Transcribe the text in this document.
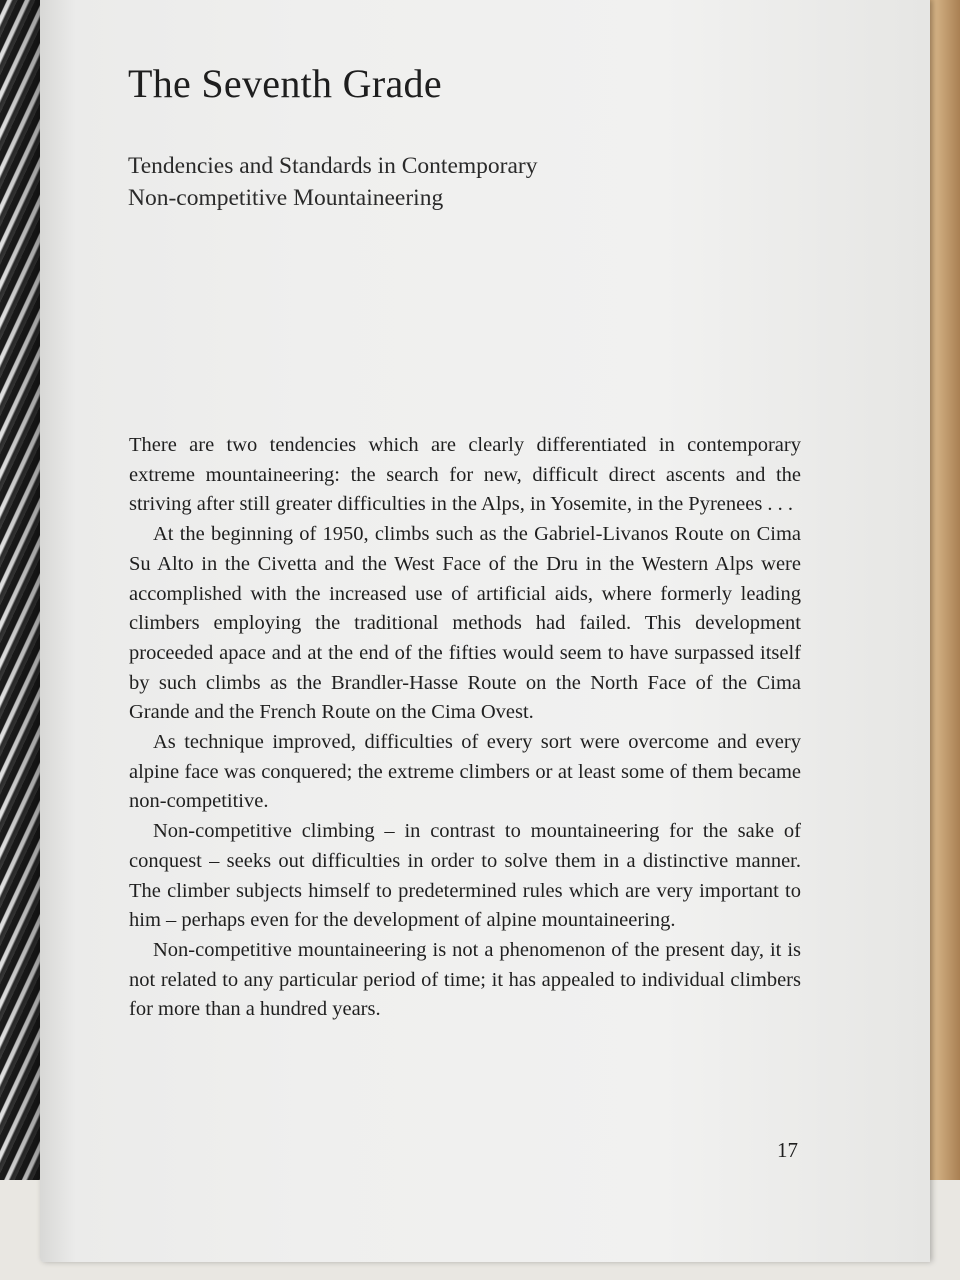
The Seventh Grade
Tendencies and Standards in Contemporary
Non-competitive Mountaineering

There are two tendencies which are clearly differentiated in contemporary extreme mountaineering: the search for new, difficult direct ascents and the striving after still greater difficulties in the Alps, in Yosemite, in the Pyrenees . . .

At the beginning of 1950, climbs such as the Gabriel-Livanos Route on Cima Su Alto in the Civetta and the West Face of the Dru in the Western Alps were accomplished with the increased use of artificial aids, where formerly leading climbers employing the traditional methods had failed. This development proceeded apace and at the end of the fifties would seem to have surpassed itself by such climbs as the Brandler-Hasse Route on the North Face of the Cima Grande and the French Route on the Cima Ovest.

As technique improved, difficulties of every sort were overcome and every alpine face was conquered; the extreme climbers or at least some of them became non-competitive.

Non-competitive climbing – in contrast to mountaineering for the sake of conquest – seeks out difficulties in order to solve them in a distinctive manner. The climber subjects himself to predetermined rules which are very important to him – perhaps even for the development of alpine mountaineering.

Non-competitive mountaineering is not a phenomenon of the present day, it is not related to any particular period of time; it has appealed to individual climbers for more than a hundred years.

17
